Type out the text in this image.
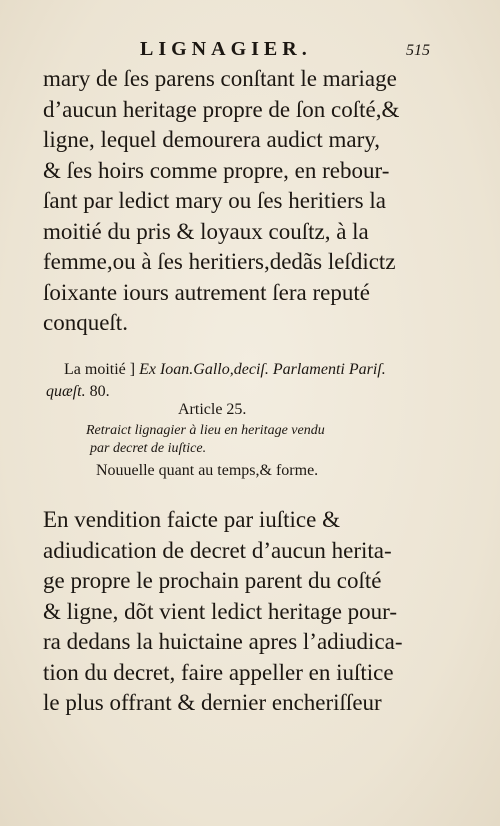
LIGNAGIER.	515
mary de ſes parens conſtant le mariage
d’aucun heritage propre de ſon coſté,&
ligne, lequel demourera audict mary,
& ſes hoirs comme propre, en rebour-
ſant par ledict mary ou ſes heritiers la
moitié du pris & loyaux couſtz, à la
femme,ou à ſes heritiers,dedãs leſdictz
ſoixante iours autrement ſera reputé
conqueſt.
La moitié ] Ex Ioan.Gallo,deciſ. Parlamenti Pariſ.
quæſt. 80.
Article 25.
Retraict lignagier à lieu en heritage vendu
par decret de iuſtice.
Nouuelle quant au temps,& forme.
En vendition faicte par iuſtice &
adiudication de decret d’aucun herita-
ge propre le prochain parent du coſté
& ligne, dõt vient ledict heritage pour-
ra dedans la huictaine apres l’adiudica-
tion du decret, faire appeller en iuſtice
le plus offrant & dernier encheriſſeur
